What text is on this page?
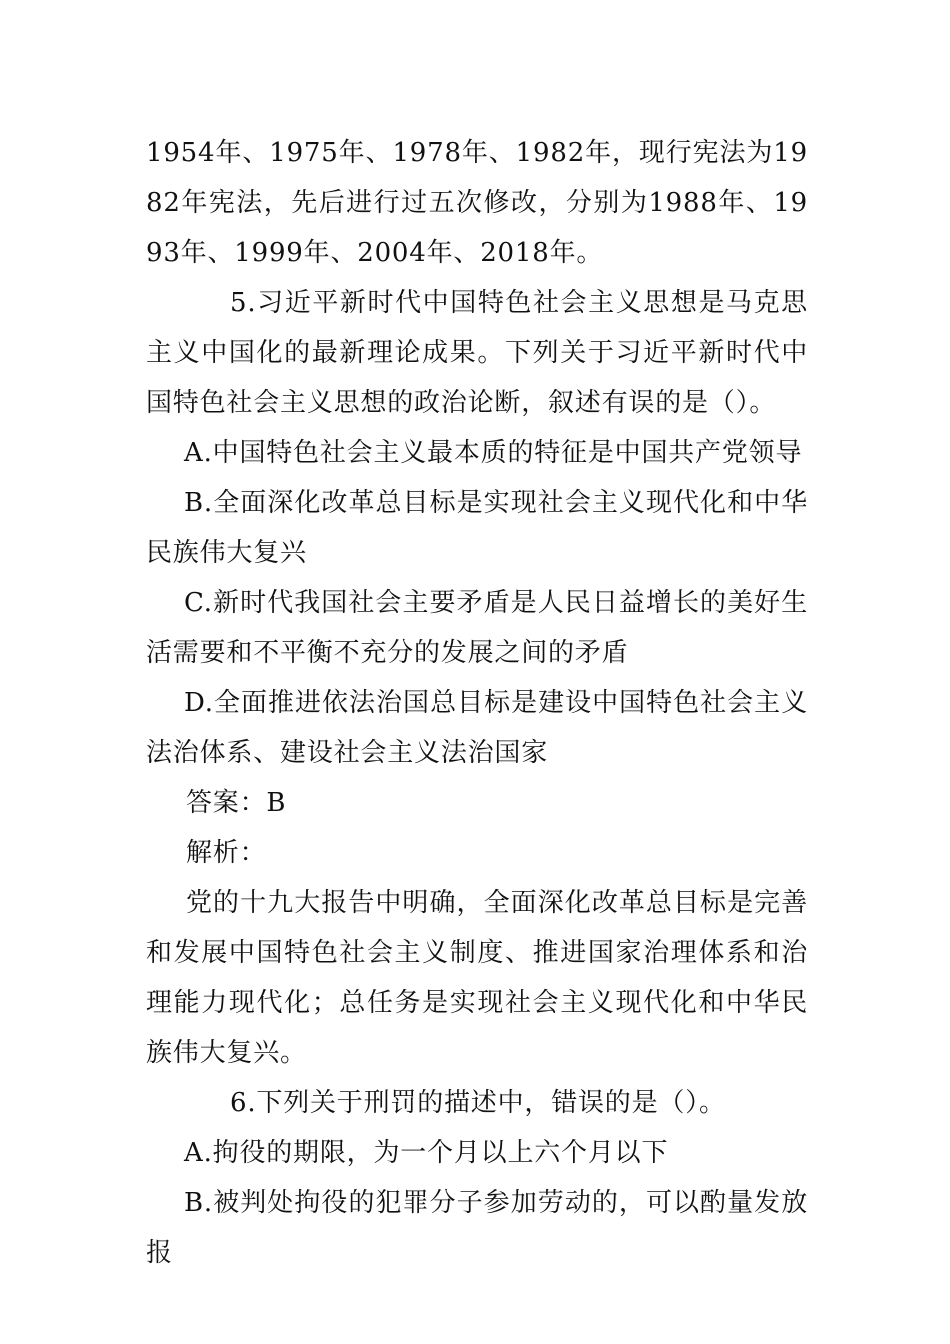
1954年、1975年、1978年、1982年，现行宪法为1982年宪法，先后进行过五次修改，分别为1988年、1993年、1999年、2004年、2018年。

5.习近平新时代中国特色社会主义思想是马克思主义中国化的最新理论成果。下列关于习近平新时代中国特色社会主义思想的政治论断，叙述有误的是（）。

A.中国特色社会主义最本质的特征是中国共产党领导

B.全面深化改革总目标是实现社会主义现代化和中华民族伟大复兴

C.新时代我国社会主要矛盾是人民日益增长的美好生活需要和不平衡不充分的发展之间的矛盾

D.全面推进依法治国总目标是建设中国特色社会主义法治体系、建设社会主义法治国家

答案：B

解析：

党的十九大报告中明确，全面深化改革总目标是完善和发展中国特色社会主义制度、推进国家治理体系和治理能力现代化；总任务是实现社会主义现代化和中华民族伟大复兴。

6.下列关于刑罚的描述中，错误的是（）。

A.拘役的期限，为一个月以上六个月以下

B.被判处拘役的犯罪分子参加劳动的，可以酌量发放报
